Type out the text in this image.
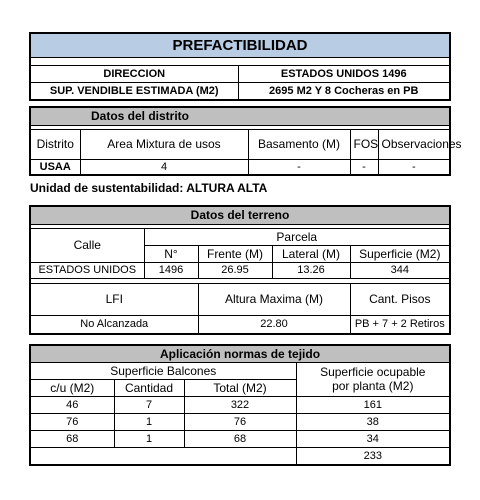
PREFACTIBILIDAD	

DIRECCION	ESTADOS UNIDOS 1496
SUP. VENDIBLE ESTIMADA (M2)	2695 M2 Y 8 Cocheras en PB
Datos del distrito				

Distrito	Area Mixtura de usos	Basamento (M)	FOS	Observaciones
USAA	4	-	-	-
Unidad de sustentabilidad: ALTURA ALTA
Datos del terreno				

Calle	Parcela			
	N°	Frente (M)	Lateral (M)	Superficie (M2)
ESTADOS UNIDOS	1496	26.95	13.26	344

LFI		Altura Maxima (M)		Cant. Pisos
No Alcanzada		22.80		PB + 7 + 2 Retiros
Aplicación normas de tejido			
Superficie Balcones			Superficie ocupable
por planta (M2)

c/u (M2)	Cantidad	Total (M2)	
46	7	322	161
76	1	76	38
68	1	68	34
			233
